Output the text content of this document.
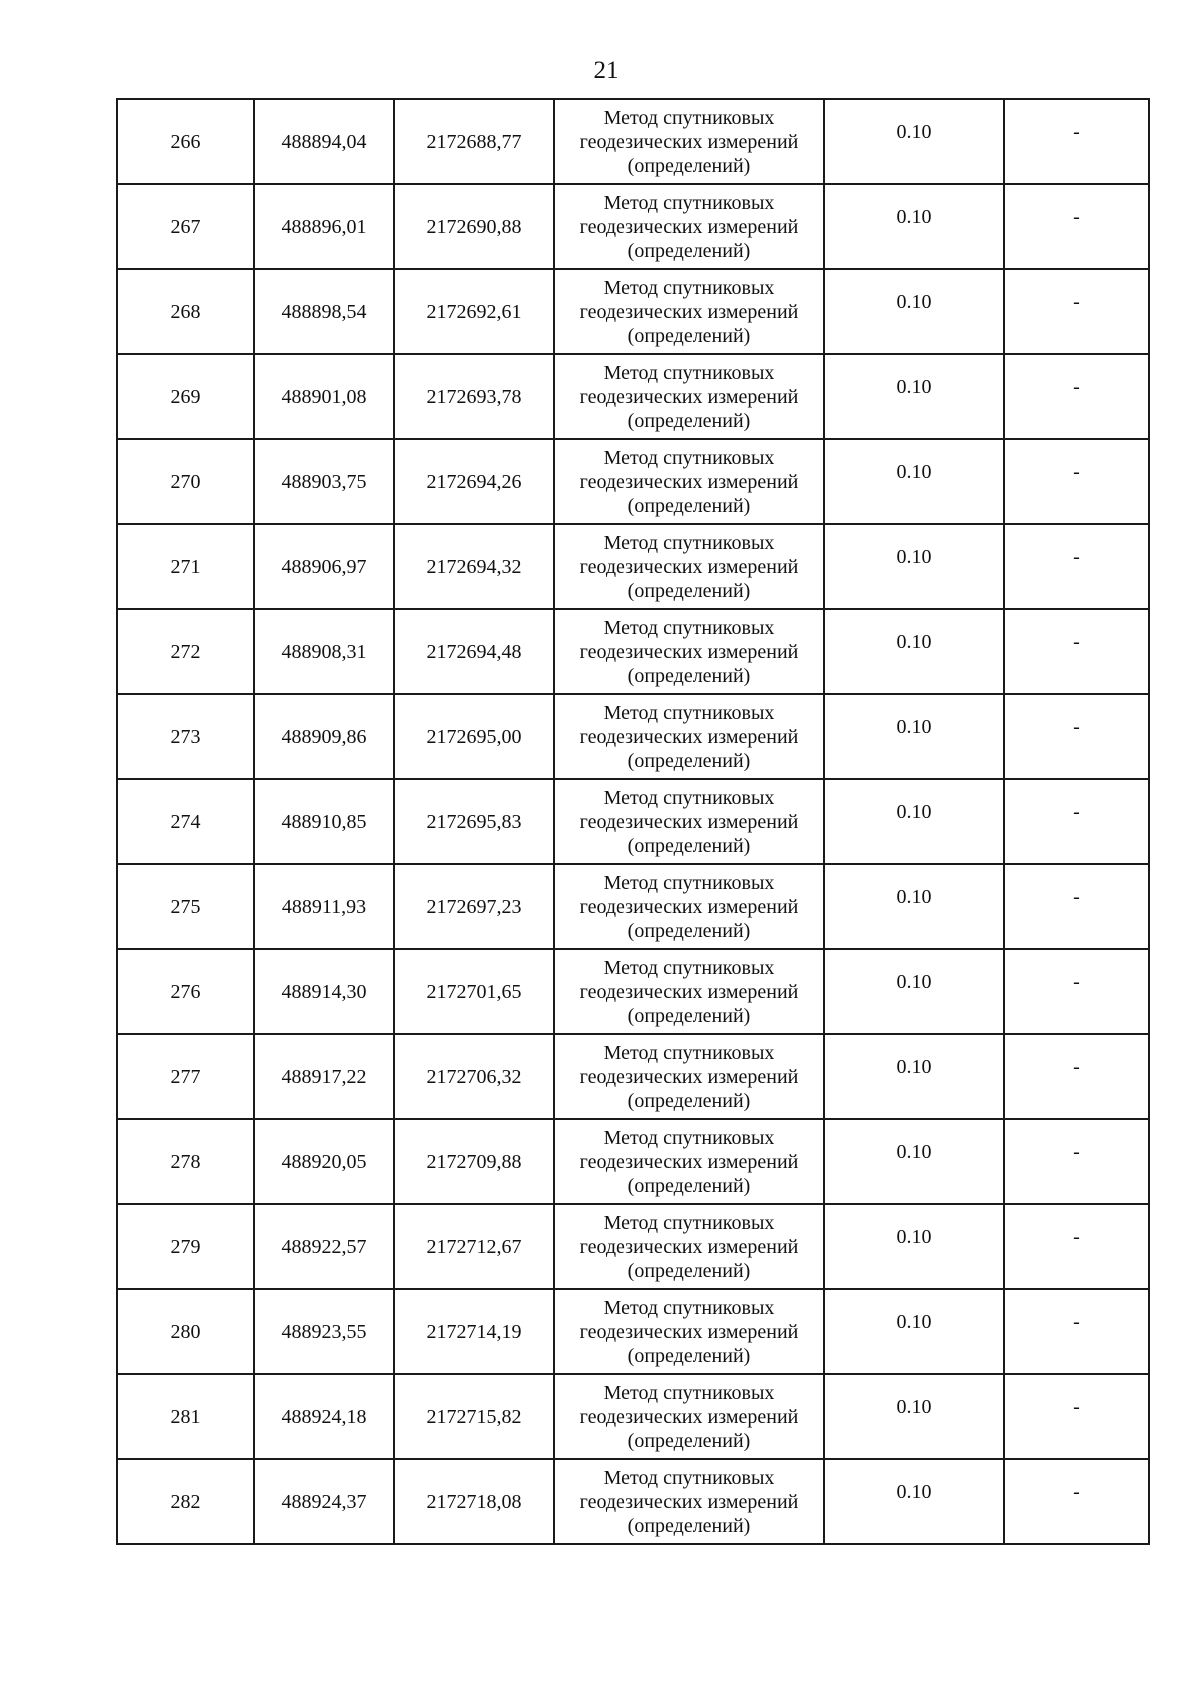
21
266	488894,04	2172688,77	Метод спутниковых
геодезических измерений
(определений)	0.10	-
267	488896,01	2172690,88	Метод спутниковых
геодезических измерений
(определений)	0.10	-
268	488898,54	2172692,61	Метод спутниковых
геодезических измерений
(определений)	0.10	-
269	488901,08	2172693,78	Метод спутниковых
геодезических измерений
(определений)	0.10	-
270	488903,75	2172694,26	Метод спутниковых
геодезических измерений
(определений)	0.10	-
271	488906,97	2172694,32	Метод спутниковых
геодезических измерений
(определений)	0.10	-
272	488908,31	2172694,48	Метод спутниковых
геодезических измерений
(определений)	0.10	-
273	488909,86	2172695,00	Метод спутниковых
геодезических измерений
(определений)	0.10	-
274	488910,85	2172695,83	Метод спутниковых
геодезических измерений
(определений)	0.10	-
275	488911,93	2172697,23	Метод спутниковых
геодезических измерений
(определений)	0.10	-
276	488914,30	2172701,65	Метод спутниковых
геодезических измерений
(определений)	0.10	-
277	488917,22	2172706,32	Метод спутниковых
геодезических измерений
(определений)	0.10	-
278	488920,05	2172709,88	Метод спутниковых
геодезических измерений
(определений)	0.10	-
279	488922,57	2172712,67	Метод спутниковых
геодезических измерений
(определений)	0.10	-
280	488923,55	2172714,19	Метод спутниковых
геодезических измерений
(определений)	0.10	-
281	488924,18	2172715,82	Метод спутниковых
геодезических измерений
(определений)	0.10	-
282	488924,37	2172718,08	Метод спутниковых
геодезических измерений
(определений)	0.10	-
